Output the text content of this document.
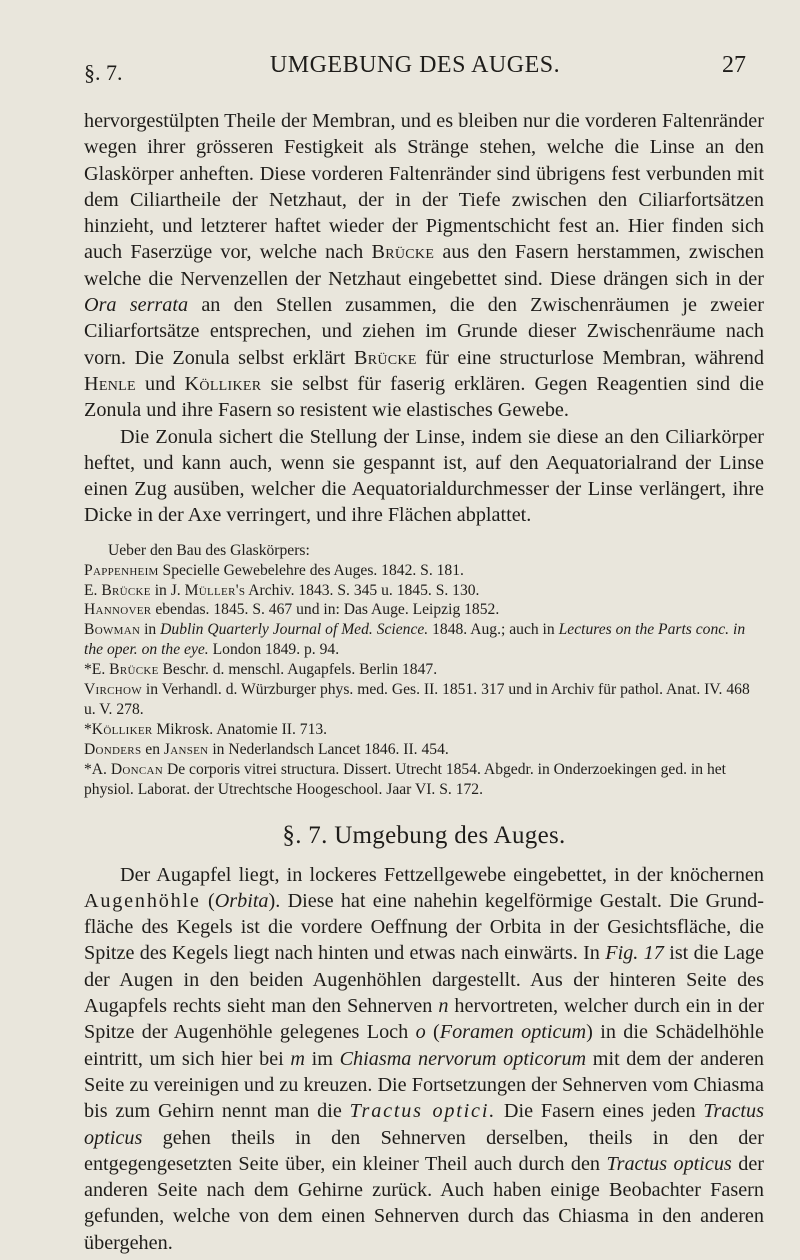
§. 7.	UMGEBUNG DES AUGES.	27

hervorgestülpten Theile der Membran, und es bleiben nur die vorderen Faltenränder wegen ihrer grösseren Festigkeit als Stränge stehen, welche die Linse an den Glaskörper anheften. Diese vorderen Faltenränder sind übrigens fest verbunden mit dem Ciliartheile der Netzhaut, der in der Tiefe zwischen den Ciliarfortsätzen hinzieht, und letzterer haftet wieder der Pigmentschicht fest an. Hier finden sich auch Faserzüge vor, welche nach Brücke aus den Fasern herstammen, zwischen welche die Nervenzellen der Netzhaut eingebettet sind. Diese drängen sich in der Ora serrata an den Stellen zusammen, die den Zwischenräumen je zweier Ciliarfortsätze entsprechen, und ziehen im Grunde dieser Zwischenräume nach vorn. Die Zonula selbst erklärt Brücke für eine structurlose Membran, während Henle und Kölliker sie selbst für faserig erklären. Gegen Reagentien sind die Zonula und ihre Fasern so resistent wie elastisches Gewebe.

Die Zonula sichert die Stellung der Linse, indem sie diese an den Ciliarkörper heftet, und kann auch, wenn sie gespannt ist, auf den Aequatorialrand der Linse einen Zug ausüben, welcher die Aequatorialdurchmesser der Linse verlängert, ihre Dicke in der Axe verringert, und ihre Flächen abplattet.

Ueber den Bau des Glaskörpers:
Pappenheim Specielle Gewebelehre des Auges. 1842. S. 181.
E. Brücke in J. Müller's Archiv. 1843. S. 345 u. 1845. S. 130.
Hannover ebendas. 1845. S. 467 und in: Das Auge. Leipzig 1852.
Bowman in Dublin Quarterly Journal of Med. Science. 1848. Aug.; auch in Lectures on the Parts conc. in the oper. on the eye. London 1849. p. 94.
*E. Brücke Beschr. d. menschl. Augapfels. Berlin 1847.
Virchow in Verhandl. d. Würzburger phys. med. Ges. II. 1851. 317 und in Archiv für pathol. Anat. IV. 468 u. V. 278.
*Kölliker Mikrosk. Anatomie II. 713.
Donders en Jansen in Nederlandsch Lancet 1846. II. 454.
*A. Doncan De corporis vitrei structura. Dissert. Utrecht 1854. Abgedr. in Onderzoekingen ged. in het physiol. Laborat. der Utrechtsche Hoogeschool. Jaar VI. S. 172.
§. 7. Umgebung des Auges.

Der Augapfel liegt, in lockeres Fettzellgewebe eingebettet, in der knöchernen Augenhöhle (Orbita). Diese hat eine nahehin kegelförmige Gestalt. Die Grundfläche des Kegels ist die vordere Oeffnung der Orbita in der Gesichtsfläche, die Spitze des Kegels liegt nach hinten und etwas nach einwärts. In Fig. 17 ist die Lage der Augen in den beiden Augenhöhlen dargestellt. Aus der hinteren Seite des Augapfels rechts sieht man den Sehnerven n hervortreten, welcher durch ein in der Spitze der Augenhöhle gelegenes Loch o (Foramen opticum) in die Schädelhöhle eintritt, um sich hier bei m im Chiasma nervorum opticorum mit dem der anderen Seite zu vereinigen und zu kreuzen. Die Fortsetzungen der Sehnerven vom Chiasma bis zum Gehirn nennt man die Tractus optici. Die Fasern eines jeden Tractus opticus gehen theils in den Sehnerven derselben, theils in den der entgegengesetzten Seite über, ein kleiner Theil auch durch den Tractus opticus der anderen Seite nach dem Gehirne zurück. Auch haben einige Beobachter Fasern gefunden, welche von dem einen Sehnerven durch das Chiasma in den anderen übergehen.
